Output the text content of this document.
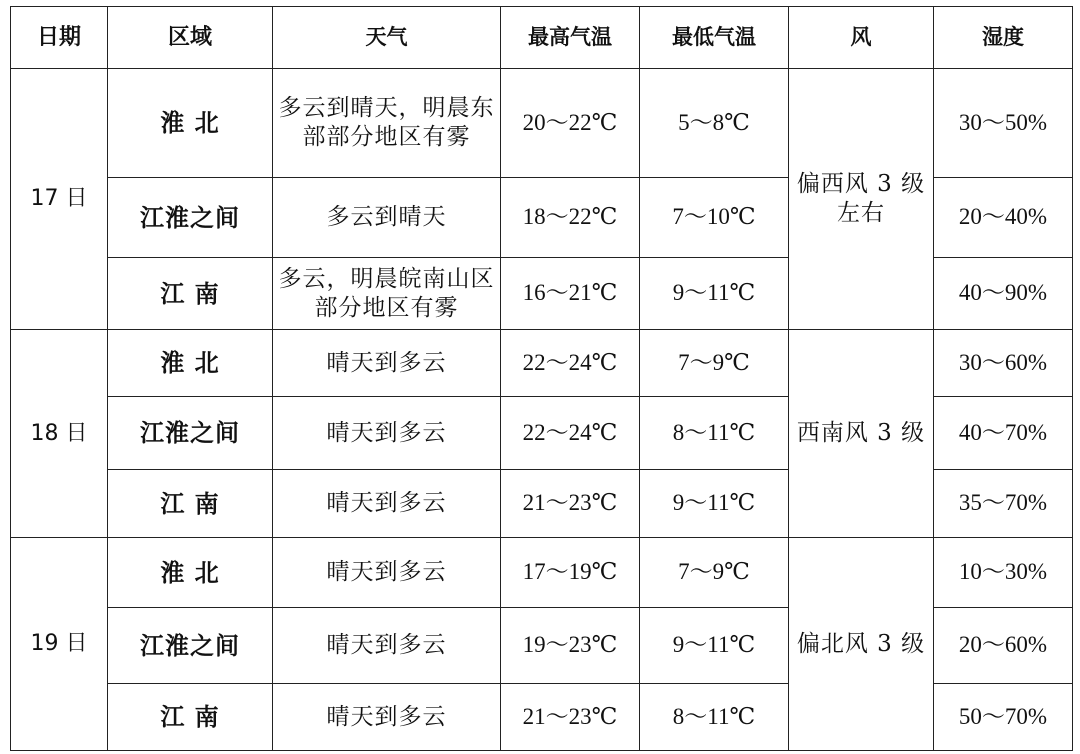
日期	区域	天气	最高气温	最低气温	风	湿度
17 日	淮 北	多云到晴天，明晨东部部分地区有雾	20～22℃	5～8℃	偏西风 3 级左右	30～50%
	江淮之间	多云到晴天	18～22℃	7～10℃		20～40%
	江 南	多云，明晨皖南山区部分地区有雾	16～21℃	9～11℃		40～90%
18 日	淮 北	晴天到多云	22～24℃	7～9℃	西南风 3 级	30～60%
	江淮之间	晴天到多云	22～24℃	8～11℃		40～70%
	江 南	晴天到多云	21～23℃	9～11℃		35～70%
19 日	淮 北	晴天到多云	17～19℃	7～9℃	偏北风 3 级	10～30%
	江淮之间	晴天到多云	19～23℃	9～11℃		20～60%
	江 南	晴天到多云	21～23℃	8～11℃		50～70%
